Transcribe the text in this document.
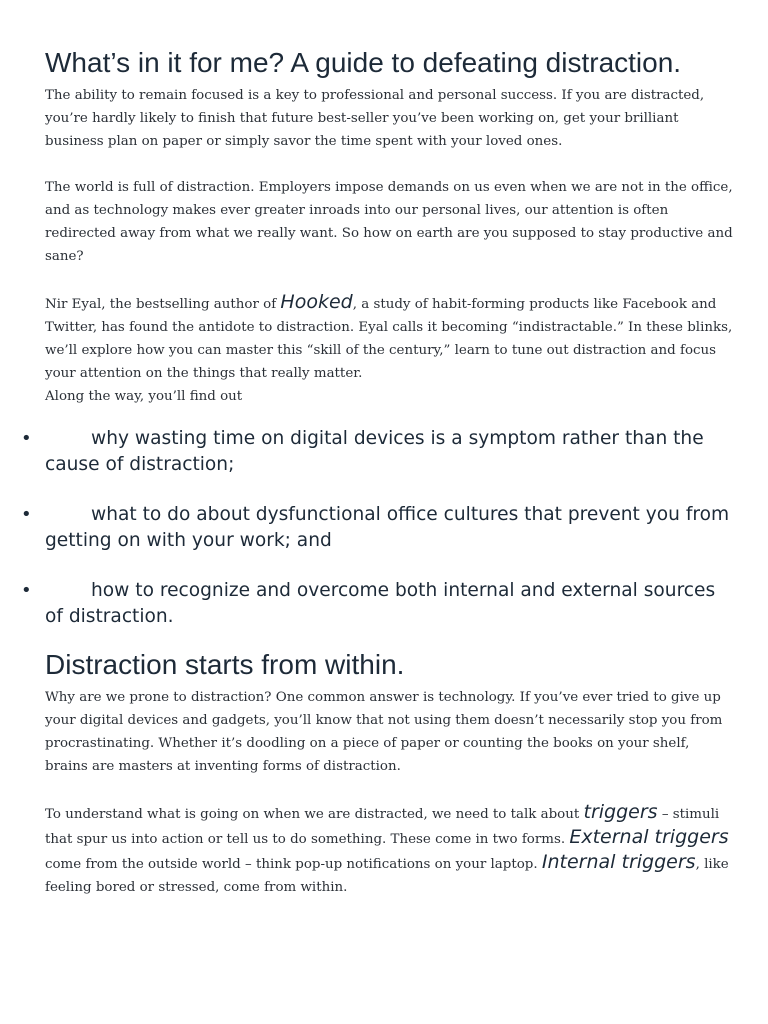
What’s in it for me? A guide to defeating distraction.

The ability to remain focused is a key to professional and personal success. If you are distracted, you’re hardly likely to finish that future best-seller you’ve been working on, get your brilliant business plan on paper or simply savor the time spent with your loved ones.

The world is full of distraction. Employers impose demands on us even when we are not in the office, and as technology makes ever greater inroads into our personal lives, our attention is often redirected away from what we really want. So how on earth are you supposed to stay productive and sane?

Nir Eyal, the bestselling author of Hooked, a study of habit-forming products like Facebook and Twitter, has found the antidote to distraction. Eyal calls it becoming “indistractable.” In these blinks, we’ll explore how you can master this “skill of the century,” learn to tune out distraction and focus your attention on the things that really matter.

Along the way, you’ll find out

•	why wasting time on digital devices is a symptom rather than the cause of distraction;
•	what to do about dysfunctional office cultures that prevent you from getting on with your work; and
•	how to recognize and overcome both internal and external sources of distraction.
Distraction starts from within.

Why are we prone to distraction? One common answer is technology. If you’ve ever tried to give up your digital devices and gadgets, you’ll know that not using them doesn’t necessarily stop you from procrastinating. Whether it’s doodling on a piece of paper or counting the books on your shelf, brains are masters at inventing forms of distraction.

To understand what is going on when we are distracted, we need to talk about triggers – stimuli that spur us into action or tell us to do something. These come in two forms. External triggers come from the outside world – think pop-up notifications on your laptop. Internal triggers, like feeling bored or stressed, come from within.
